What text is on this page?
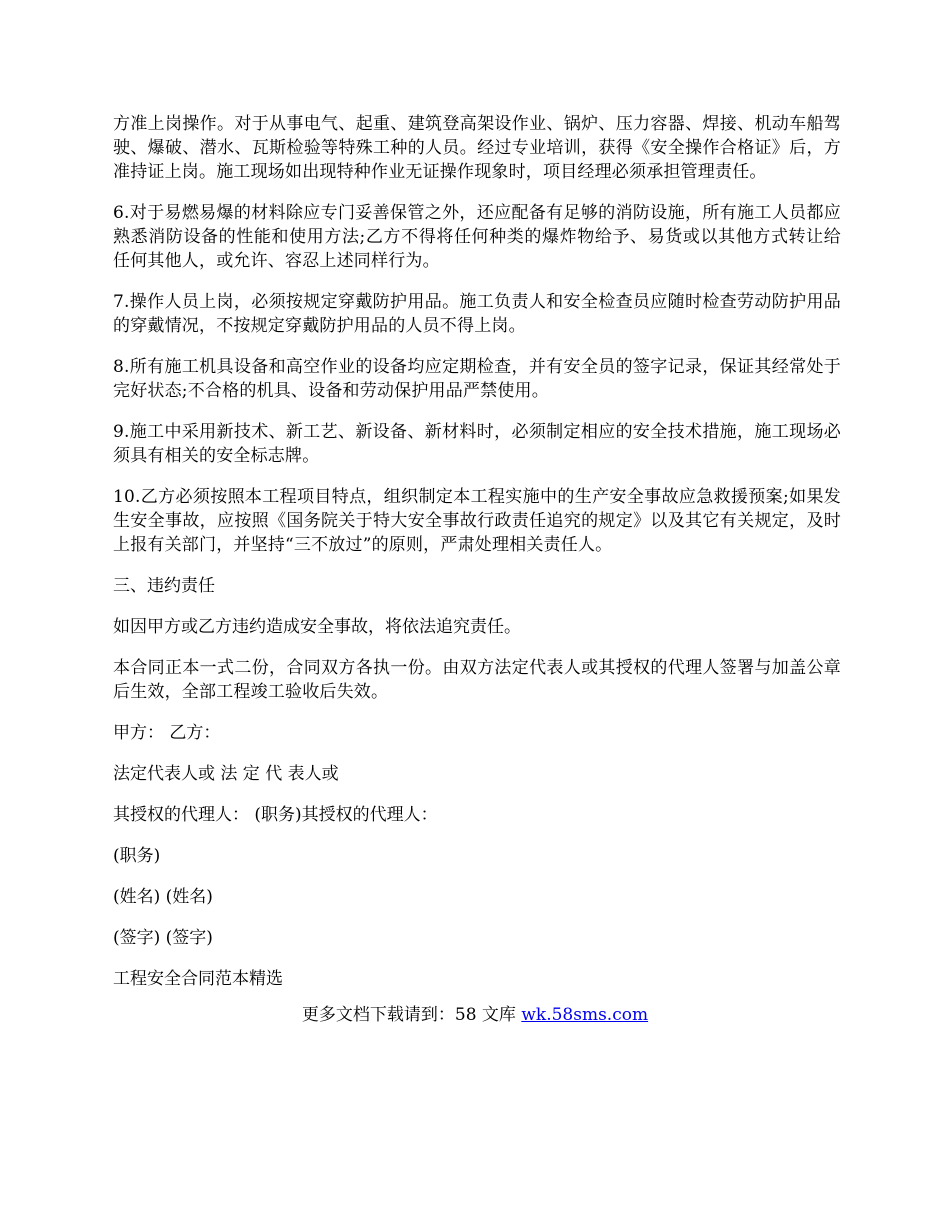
方准上岗操作。对于从事电气、起重、建筑登高架设作业、锅炉、压力容器、焊接、机动车船驾驶、爆破、潜水、瓦斯检验等特殊工种的人员。经过专业培训，获得《安全操作合格证》后，方准持证上岗。施工现场如出现特种作业无证操作现象时，项目经理必须承担管理责任。

6.对于易燃易爆的材料除应专门妥善保管之外，还应配备有足够的消防设施，所有施工人员都应熟悉消防设备的性能和使用方法;乙方不得将任何种类的爆炸物给予、易货或以其他方式转让给任何其他人，或允许、容忍上述同样行为。

7.操作人员上岗，必须按规定穿戴防护用品。施工负责人和安全检查员应随时检查劳动防护用品的穿戴情况，不按规定穿戴防护用品的人员不得上岗。

8.所有施工机具设备和高空作业的设备均应定期检查，并有安全员的签字记录，保证其经常处于完好状态;不合格的机具、设备和劳动保护用品严禁使用。

9.施工中采用新技术、新工艺、新设备、新材料时，必须制定相应的安全技术措施，施工现场必须具有相关的安全标志牌。

10.乙方必须按照本工程项目特点，组织制定本工程实施中的生产安全事故应急救援预案;如果发生安全事故，应按照《国务院关于特大安全事故行政责任追究的规定》以及其它有关规定，及时上报有关部门，并坚持“三不放过”的原则，严肃处理相关责任人。

三、违约责任

如因甲方或乙方违约造成安全事故，将依法追究责任。

本合同正本一式二份，合同双方各执一份。由双方法定代表人或其授权的代理人签署与加盖公章后生效，全部工程竣工验收后失效。

甲方： 乙方：

法定代表人或 法 定 代 表人或

其授权的代理人： (职务)其授权的代理人：

(职务)

(姓名) (姓名)

(签字) (签字)

工程安全合同范本精选

更多文档下载请到：58 文库 wk.58sms.com
